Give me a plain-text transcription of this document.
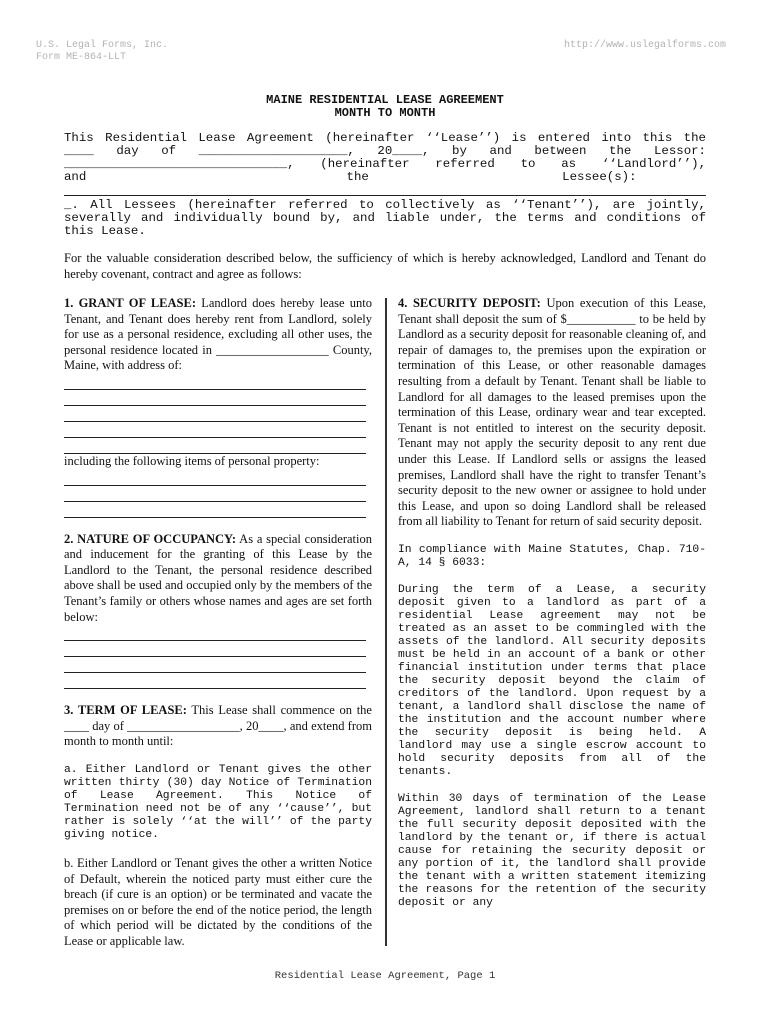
U.S. Legal Forms, Inc.
Form ME-864-LLT
http://www.uslegalforms.com
MAINE RESIDENTIAL LEASE AGREEMENT
MONTH TO MONTH
This Residential Lease Agreement (hereinafter ‘‘Lease’’) is entered into this the
____ day of ____________________, 20____, by and between the Lessor:
______________________________, (hereinafter referred to as ‘‘Landlord’’),
and                                   the                          Lessee(s):
_. All Lessees (hereinafter referred to collectively as ‘‘Tenant’’), are jointly,
severally and individually bound by, and liable under, the terms and conditions of
this Lease.
For the valuable consideration described below, the sufficiency of which is hereby acknowledged, Landlord and Tenant do hereby covenant, contract and agree as follows:

1. GRANT OF LEASE: Landlord does hereby lease unto Tenant, and Tenant does hereby rent from Landlord, solely for use as a personal residence, excluding all other uses, the personal residence located in __________________ County, Maine, with address of:

including the following items of personal property:

2. NATURE OF OCCUPANCY: As a special consideration and inducement for the granting of this Lease by the Landlord to the Tenant, the personal residence described above shall be used and occupied only by the members of the Tenant’s family or others whose names and ages are set forth below:

3. TERM OF LEASE: This Lease shall commence on the ____ day of __________________, 20____, and extend from month to month until:

a. Either Landlord or Tenant gives the other written thirty (30) day Notice of Termination of Lease Agreement. This Notice of Termination need not be of any ‘‘cause’’, but rather is solely ‘‘at the will’’ of the party giving notice.

b. Either Landlord or Tenant gives the other a written Notice of Default, wherein the noticed party must either cure the breach (if cure is an option) or be terminated and vacate the premises on or before the end of the notice period, the length of which period will be dictated by the conditions of the Lease or applicable law.

4. SECURITY DEPOSIT: Upon execution of this Lease, Tenant shall deposit the sum of $___________ to be held by Landlord as a security deposit for reasonable cleaning of, and repair of damages to, the premises upon the expiration or termination of this Lease, or other reasonable damages resulting from a default by Tenant. Tenant shall be liable to Landlord for all damages to the leased premises upon the termination of this Lease, ordinary wear and tear excepted. Tenant is not entitled to interest on the security deposit. Tenant may not apply the security deposit to any rent due under this Lease. If Landlord sells or assigns the leased premises, Landlord shall have the right to transfer Tenant’s security deposit to the new owner or assignee to hold under this Lease, and upon so doing Landlord shall be released from all liability to Tenant for return of said security deposit.

In compliance with Maine Statutes, Chap. 710-A, 14 § 6033:

During the term of a Lease, a security deposit given to a landlord as part of a residential Lease agreement may not be treated as an asset to be commingled with the assets of the landlord. All security deposits must be held in an account of a bank or other financial institution under terms that place the security deposit beyond the claim of creditors of the landlord. Upon request by a tenant, a landlord shall disclose the name of the institution and the account number where the security deposit is being held. A landlord may use a single escrow account to hold security deposits from all of the tenants.

Within 30 days of termination of the Lease Agreement, landlord shall return to a tenant the full security deposit deposited with the landlord by the tenant or, if there is actual cause for retaining the security deposit or any portion of it, the landlord shall provide the tenant with a written statement itemizing the reasons for the retention of the security deposit or any

Residential Lease Agreement, Page 1
